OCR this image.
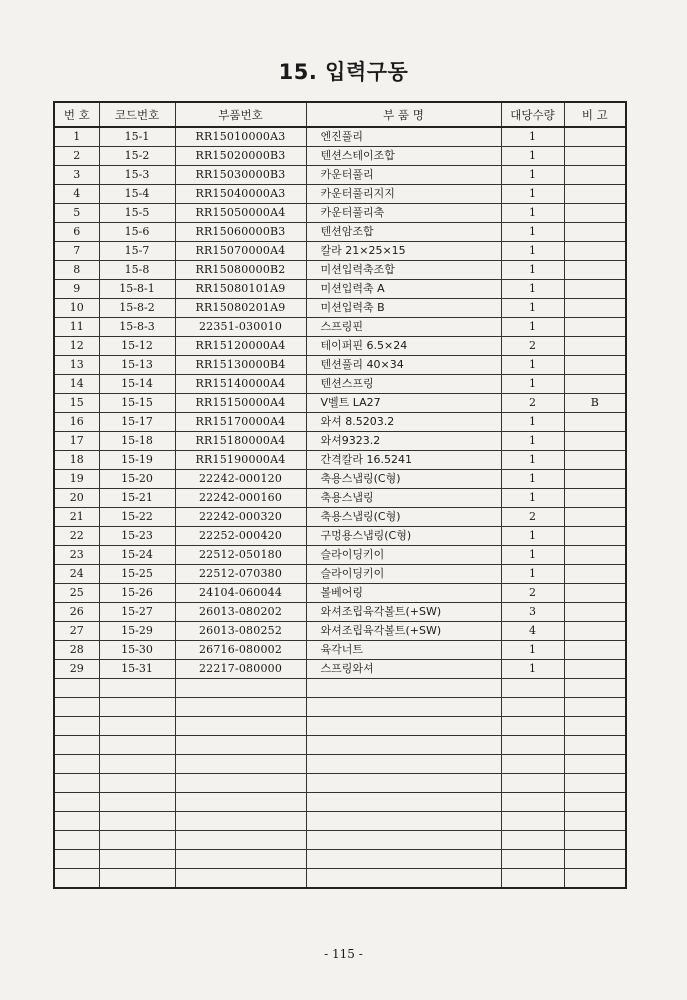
15. 입력구동
번 호	코드번호	부품번호	부 품 명	대당수량	비 고
1	15-1	RR15010000A3	엔진풀리	1	
2	15-2	RR15020000B3	텐션스테이조합	1	
3	15-3	RR15030000B3	카운터풀리	1	
4	15-4	RR15040000A3	카운터풀리지지	1	
5	15-5	RR15050000A4	카운터풀리축	1	
6	15-6	RR15060000B3	텐션암조합	1	
7	15-7	RR15070000A4	칼라 21×25×15	1	
8	15-8	RR15080000B2	미션입력축조합	1	
9	15-8-1	RR15080101A9	미션입력축 A	1	
10	15-8-2	RR15080201A9	미션입력축 B	1	
11	15-8-3	22351-030010	스프링핀	1	
12	15-12	RR15120000A4	테이퍼핀 6.5×24	2	
13	15-13	RR15130000B4	텐션풀리 40×34	1	
14	15-14	RR15140000A4	텐션스프링	1	
15	15-15	RR15150000A4	V벨트 LA27	2	B
16	15-17	RR15170000A4	와셔 8.5203.2	1	
17	15-18	RR15180000A4	와셔9323.2	1	
18	15-19	RR15190000A4	간격칼라 16.5241	1	
19	15-20	22242-000120	축용스냅링(C형)	1	
20	15-21	22242-000160	축용스냅링	1	
21	15-22	22242-000320	축용스냅링(C형)	2	
22	15-23	22252-000420	구멍용스냅링(C형)	1	
23	15-24	22512-050180	슬라이딩키이	1	
24	15-25	22512-070380	슬라이딩키이	1	
25	15-26	24104-060044	볼베어링	2	
26	15-27	26013-080202	와셔조립육각볼트(+SW)	3	
27	15-29	26013-080252	와셔조립육각볼트(+SW)	4	
28	15-30	26716-080002	육각너트	1	
29	15-31	22217-080000	스프링와셔	1	

- 115 -
